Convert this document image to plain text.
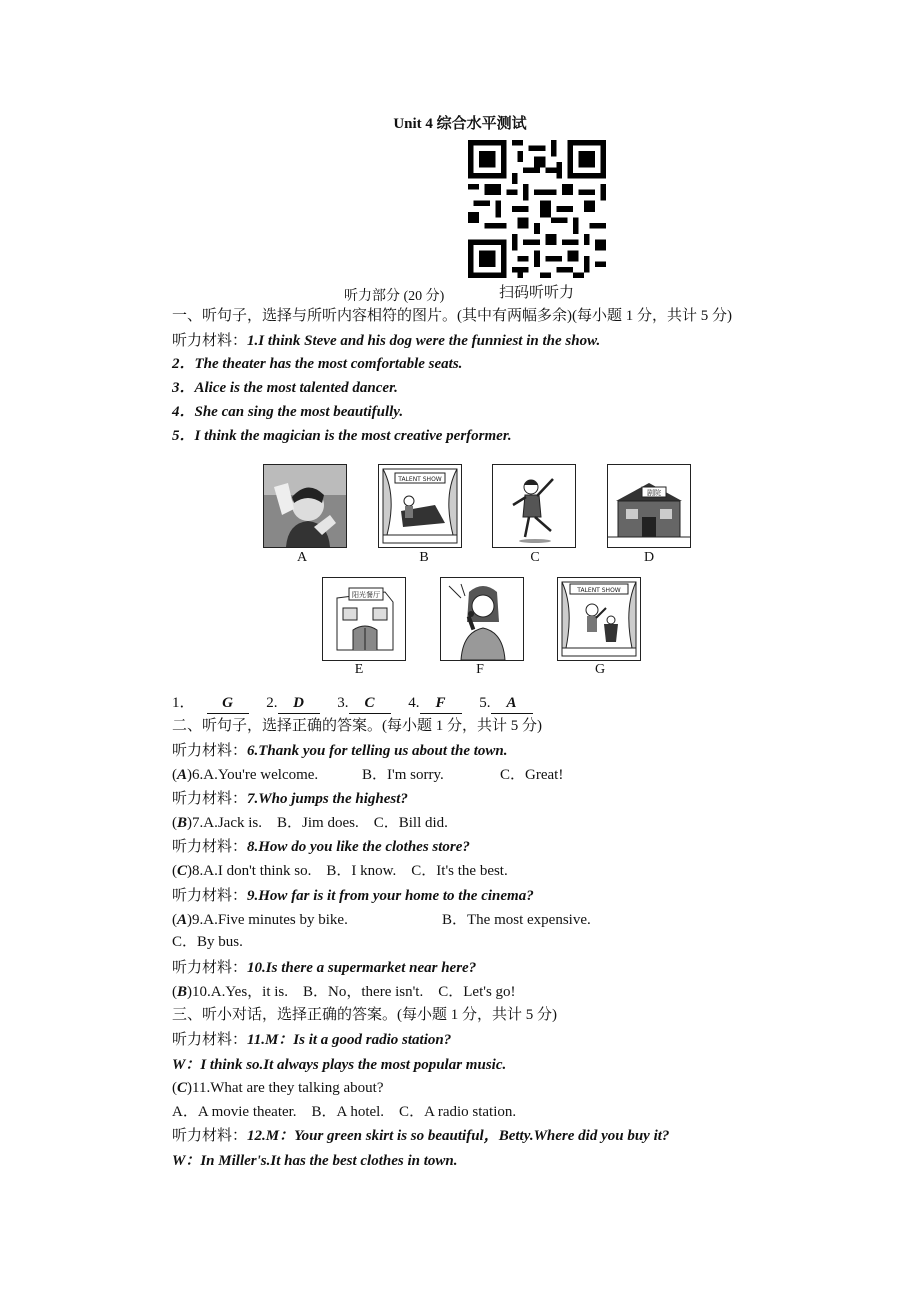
Unit 4 综合水平测试
听力部分 (20 分)	扫码听听力
一、听句子，选择与所听内容相符的图片。(其中有两幅多余)(每小题 1 分，共计 5 分)
听力材料：1.I think Steve and his dog were the funniest in the show.
2．The theater has the most comfortable seats.
3．Alice is the most talented dancer.
4．She can sing the most beautifully.
5．I think the magician is the most creative performer.
TALENT SHOW
剧院
A	B	C	D
阳光餐厅
TALENT SHOW
E	F	G
1． G 2. D 3. C 4. F 5. A
二、听句子，选择正确的答案。(每小题 1 分，共计 5 分)
听力材料：6.Thank you for telling us about the town.
(A)6.A.You're welcome.	B．I'm sorry.	C．Great!
听力材料：7.Who jumps the highest?
(B)7.A.Jack is.　 B．Jim does.　 C．Bill did.
听力材料：8.How do you like the clothes store?
(C)8.A.I don't think so.　 B．I know.　 C．It's the best.
听力材料：9.How far is it from your home to the cinema?
(A)9.A.Five minutes by bike.	B．The most expensive.
C．By bus.
听力材料：10.Is there a supermarket near here?
(B)10.A.Yes，it is.　 B．No，there isn't.　 C．Let's go!
三、听小对话，选择正确的答案。(每小题 1 分，共计 5 分)
听力材料：11.M：Is it a good radio station?
W：I think so.It always plays the most popular music.
(C)11.What are they talking about?
A．A movie theater.　B．A hotel.　C．A radio station.
听力材料：12.M：Your green skirt is so beautiful，Betty.Where did you buy it?
W：In Miller's.It has the best clothes in town.
